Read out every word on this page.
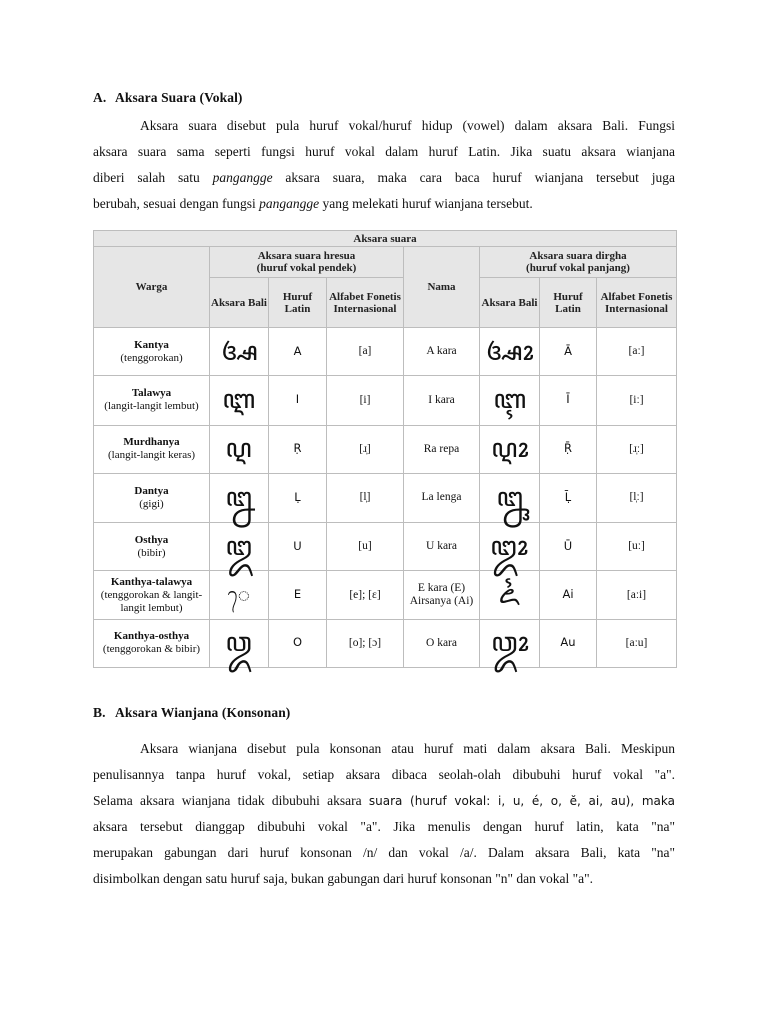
A. Aksara Suara (Vokal)
Aksara suara disebut pula huruf vokal/huruf hidup (vowel) dalam aksara Bali. Fungsi
aksara suara sama seperti fungsi huruf vokal dalam huruf Latin. Jika suatu aksara wianjana
diberi salah satu pangangge aksara suara, maka cara baca huruf wianjana tersebut juga
berubah, sesuai dengan fungsi pangangge yang melekati huruf wianjana tersebut.
Aksara suara							
Warga	Aksara suara hresua
(huruf vokal pendek)			Nama	Aksara suara dirgha
(huruf vokal panjang)		
	Aksara Bali	Huruf Latin	Alfabet Fonetis Internasional		Aksara Bali	Huruf Latin	Alfabet Fonetis Internasional
Kantya
(tenggorokan)	ꦄ	A	[a]	A kara	ꦄꦴ	Ā	[aː]
Talawya
(langit-langit lembut)	ꦆ	I	[i]	I kara	ꦇ	Ī	[iː]
Murdhanya
(langit-langit keras)	ꦉ	Ṛ	[ɹ̩]	Ra repa	ꦉꦴ	Ṝ	[ɹ̩ː]
Dantya
(gigi)	ꦊ	Ḷ	[l̩]	La lenga	ꦋ	Ḹ	[l̩ː]
Osthya
(bibir)	ꦈ	U	[u]	U kara	ꦈꦴ	Ū	[uː]
Kanthya-talawya
(tenggorokan & langit-langit lembut)	ᬾ	E	[e]; [ɛ]	E kara (E) Airsanya (Ai)	ꦍ	Ai	[aːi]
Kanthya-osthya
(tenggorokan & bibir)	ꦎ	O	[o]; [ɔ]	O kara	ꦎꦴ	Au	[aːu]
B. Aksara Wianjana (Konsonan)
Aksara wianjana disebut pula konsonan atau huruf mati dalam aksara Bali. Meskipun
penulisannya tanpa huruf vokal, setiap aksara dibaca seolah-olah dibubuhi huruf vokal "a".
Selama aksara wianjana tidak dibubuhi aksara suara (huruf vokal: i, u, é, o, ĕ, ai, au), maka
aksara tersebut dianggap dibubuhi vokal "a". Jika menulis dengan huruf latin, kata "na"
merupakan gabungan dari huruf konsonan /n/ dan vokal /a/. Dalam aksara Bali, kata "na"
disimbolkan dengan satu huruf saja, bukan gabungan dari huruf konsonan "n" dan vokal "a".
